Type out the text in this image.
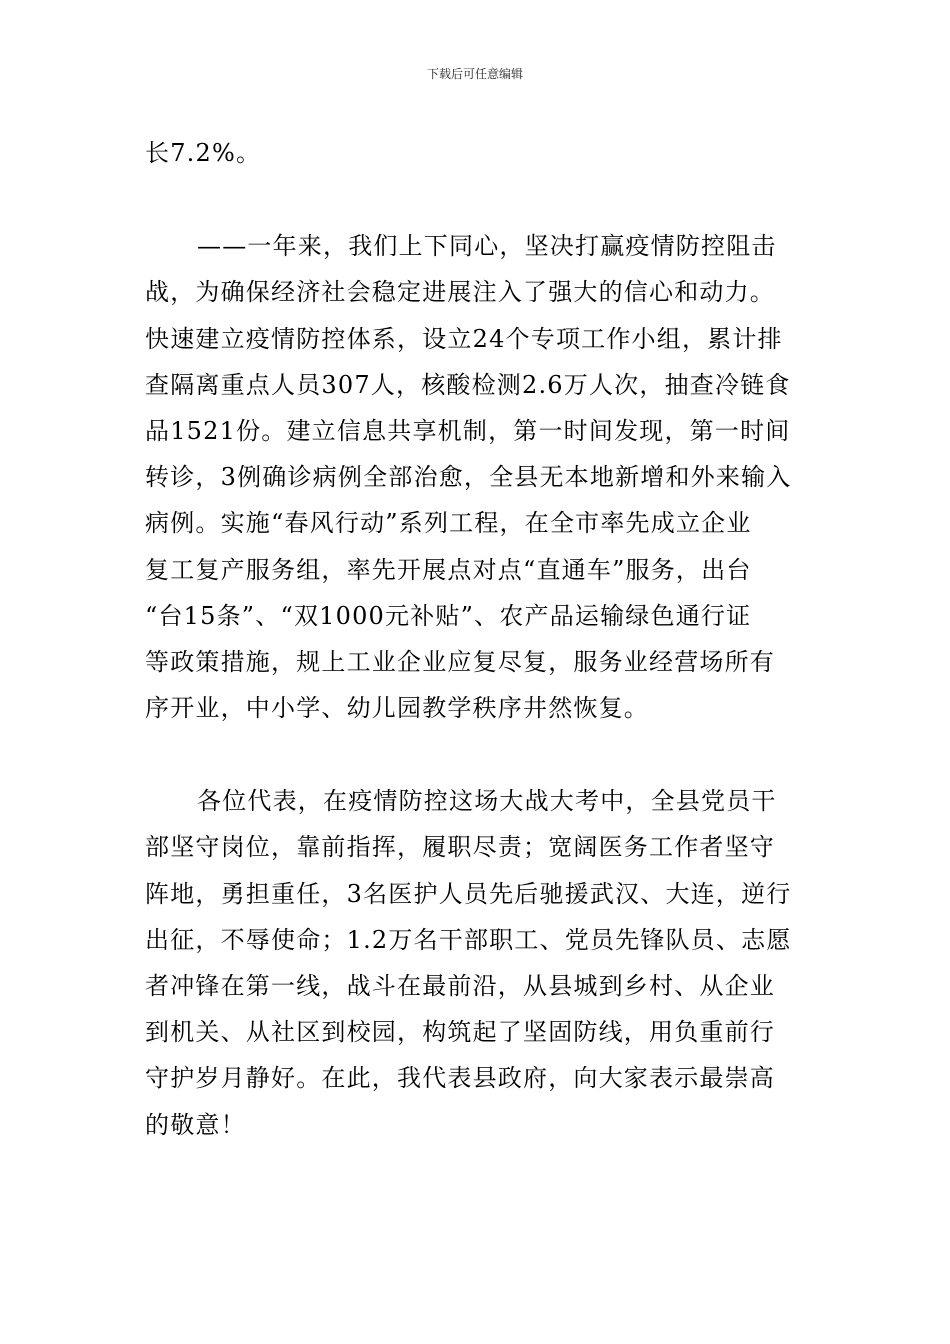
下载后可任意编辑
长7.2%。
——一年来，我们上下同心，坚决打赢疫情防控阻击
战，为确保经济社会稳定进展注入了强大的信心和动力。
快速建立疫情防控体系，设立24个专项工作小组，累计排
查隔离重点人员307人，核酸检测2.6万人次，抽查冷链食
品1521份。建立信息共享机制，第一时间发现，第一时间
转诊，3例确诊病例全部治愈，全县无本地新增和外来输入
病例。实施“春风行动”系列工程，在全市率先成立企业
复工复产服务组，率先开展点对点“直通车”服务，出台
“台15条”、“双1000元补贴”、农产品运输绿色通行证
等政策措施，规上工业企业应复尽复，服务业经营场所有
序开业，中小学、幼儿园教学秩序井然恢复。
各位代表，在疫情防控这场大战大考中，全县党员干
部坚守岗位，靠前指挥，履职尽责；宽阔医务工作者坚守
阵地，勇担重任，3名医护人员先后驰援武汉、大连，逆行
出征，不辱使命；1.2万名干部职工、党员先锋队员、志愿
者冲锋在第一线，战斗在最前沿，从县城到乡村、从企业
到机关、从社区到校园，构筑起了坚固防线，用负重前行
守护岁月静好。在此，我代表县政府，向大家表示最崇高
的敬意！
